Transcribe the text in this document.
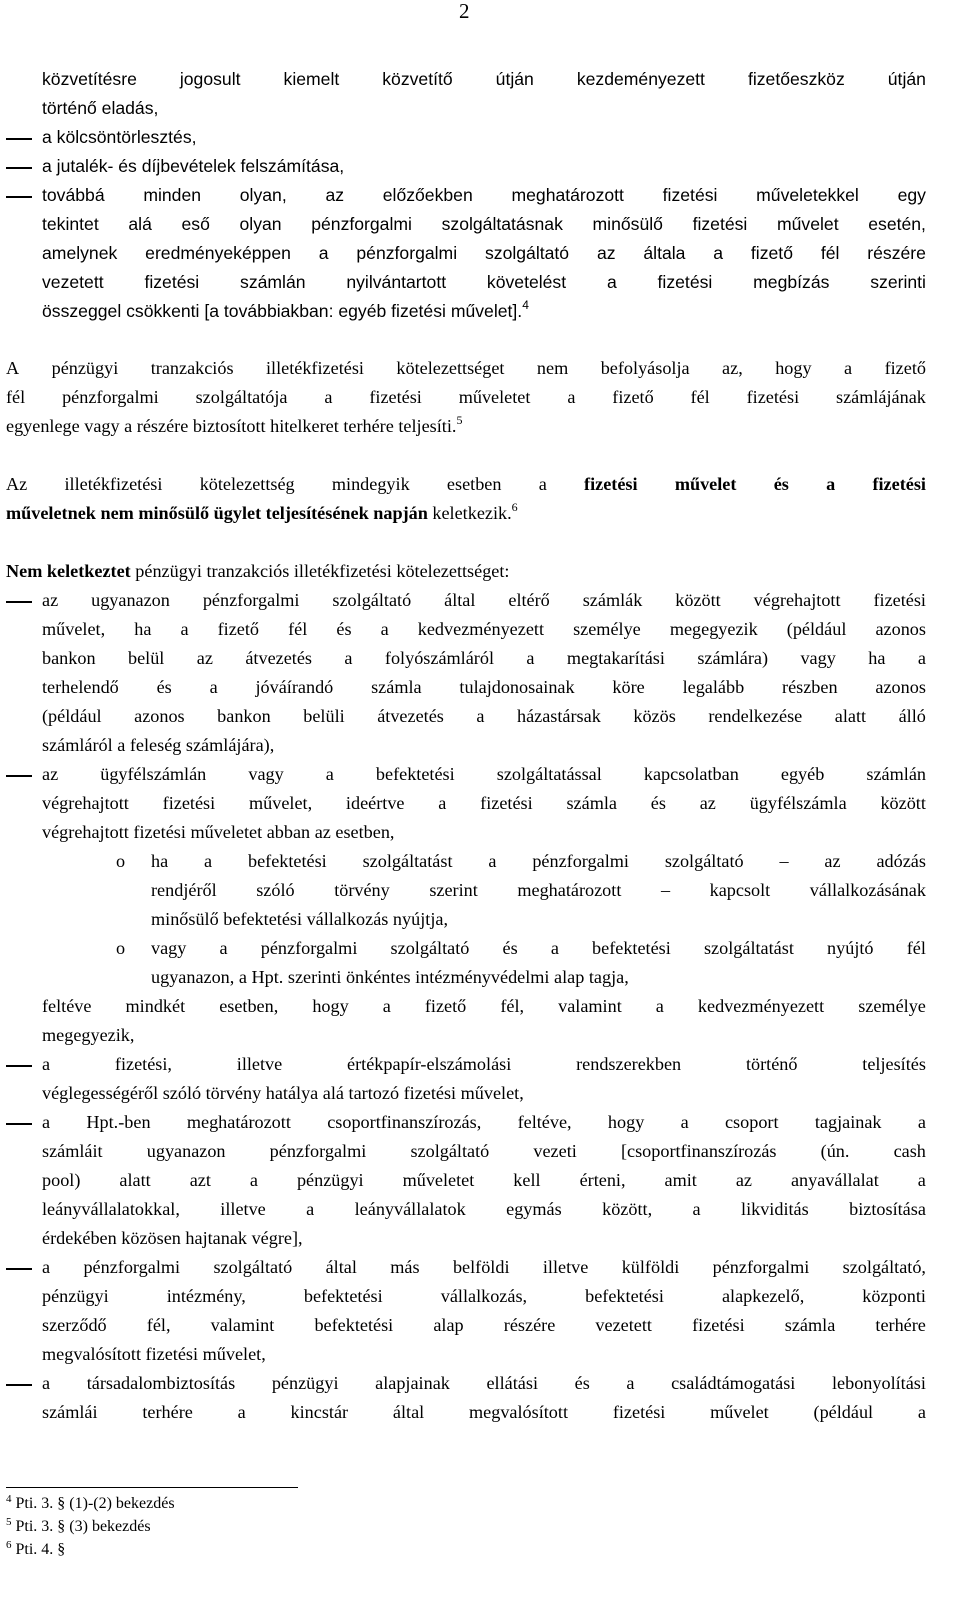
2
közvetítésre jogosult kiemelt közvetítő útján kezdeményezett fizetőeszköz útján
történő eladás,
a kölcsöntörlesztés,
a jutalék- és díjbevételek felszámítása,
továbbá minden olyan, az előzőekben meghatározott fizetési műveletekkel egy
tekintet alá eső olyan pénzforgalmi szolgáltatásnak minősülő fizetési művelet esetén,
amelynek eredményeképpen a pénzforgalmi szolgáltató az általa a fizető fél részére
vezetett fizetési számlán nyilvántartott követelést a fizetési megbízás szerinti
összeggel csökkenti [a továbbiakban: egyéb fizetési művelet].$^4$
A pénzügyi tranzakciós illetékfizetési kötelezettséget nem befolyásolja az, hogy a fizető
fél pénzforgalmi szolgáltatója a fizetési műveletet a fizető fél fizetési számlájának
egyenlege vagy a részére biztosított hitelkeret terhére teljesíti.$^5$
Az illetékfizetési kötelezettség mindegyik esetben a fizetési művelet és a fizetési
műveletnek nem minősülő ügylet teljesítésének napján keletkezik.$^6$
Nem keletkeztet pénzügyi tranzakciós illetékfizetési kötelezettséget:
az ugyanazon pénzforgalmi szolgáltató által eltérő számlák között végrehajtott fizetési
művelet, ha a fizető fél és a kedvezményezett személye megegyezik (például azonos
bankon belül az átvezetés a folyószámláról a megtakarítási számlára) vagy ha a
terhelendő és a jóváírandó számla tulajdonosainak köre legalább részben azonos
(például azonos bankon belüli átvezetés a házastársak közös rendelkezése alatt álló
számláról a feleség számlájára),
az ügyfélszámlán vagy a befektetési szolgáltatással kapcsolatban egyéb számlán
végrehajtott fizetési művelet, ideértve a fizetési számla és az ügyfélszámla között
végrehajtott fizetési műveletet abban az esetben,
o ha a befektetési szolgáltatást a pénzforgalmi szolgáltató – az adózás
rendjéről szóló törvény szerint meghatározott – kapcsolt vállalkozásának
minősülő befektetési vállalkozás nyújtja,
o vagy a pénzforgalmi szolgáltató és a befektetési szolgáltatást nyújtó fél
ugyanazon, a Hpt. szerinti önkéntes intézményvédelmi alap tagja,
feltéve mindkét esetben, hogy a fizető fél, valamint a kedvezményezett személye
megegyezik,
a	fizetési,	illetve	értékpapír-elszámolási	rendszerekben	történő	teljesítés
véglegességéről szóló törvény hatálya alá tartozó fizetési művelet,
a Hpt.-ben meghatározott csoportfinanszírozás, feltéve, hogy a csoport tagjainak a
számláit ugyanazon pénzforgalmi szolgáltató vezeti [csoportfinanszírozás (ún. cash
pool) alatt azt a pénzügyi műveletet kell érteni, amit az anyavállalat a
leányvállalatokkal, illetve a leányvállalatok egymás között, a likviditás biztosítása
érdekében közösen hajtanak végre],
a pénzforgalmi szolgáltató által más belföldi illetve külföldi pénzforgalmi szolgáltató,
pénzügyi	intézmény,	befektetési	vállalkozás,	befektetési	alapkezelő,	központi
szerződő fél, valamint befektetési alap részére vezetett fizetési számla terhére
megvalósított fizetési művelet,
a társadalombiztosítás pénzügyi alapjainak ellátási és a családtámogatási lebonyolítási
számlái terhére a kincstár által megvalósított fizetési művelet (például a
$^4$ Pti. 3. § (1)-(2) bekezdés
$^5$ Pti. 3. § (3) bekezdés
$^6$ Pti. 4. §
